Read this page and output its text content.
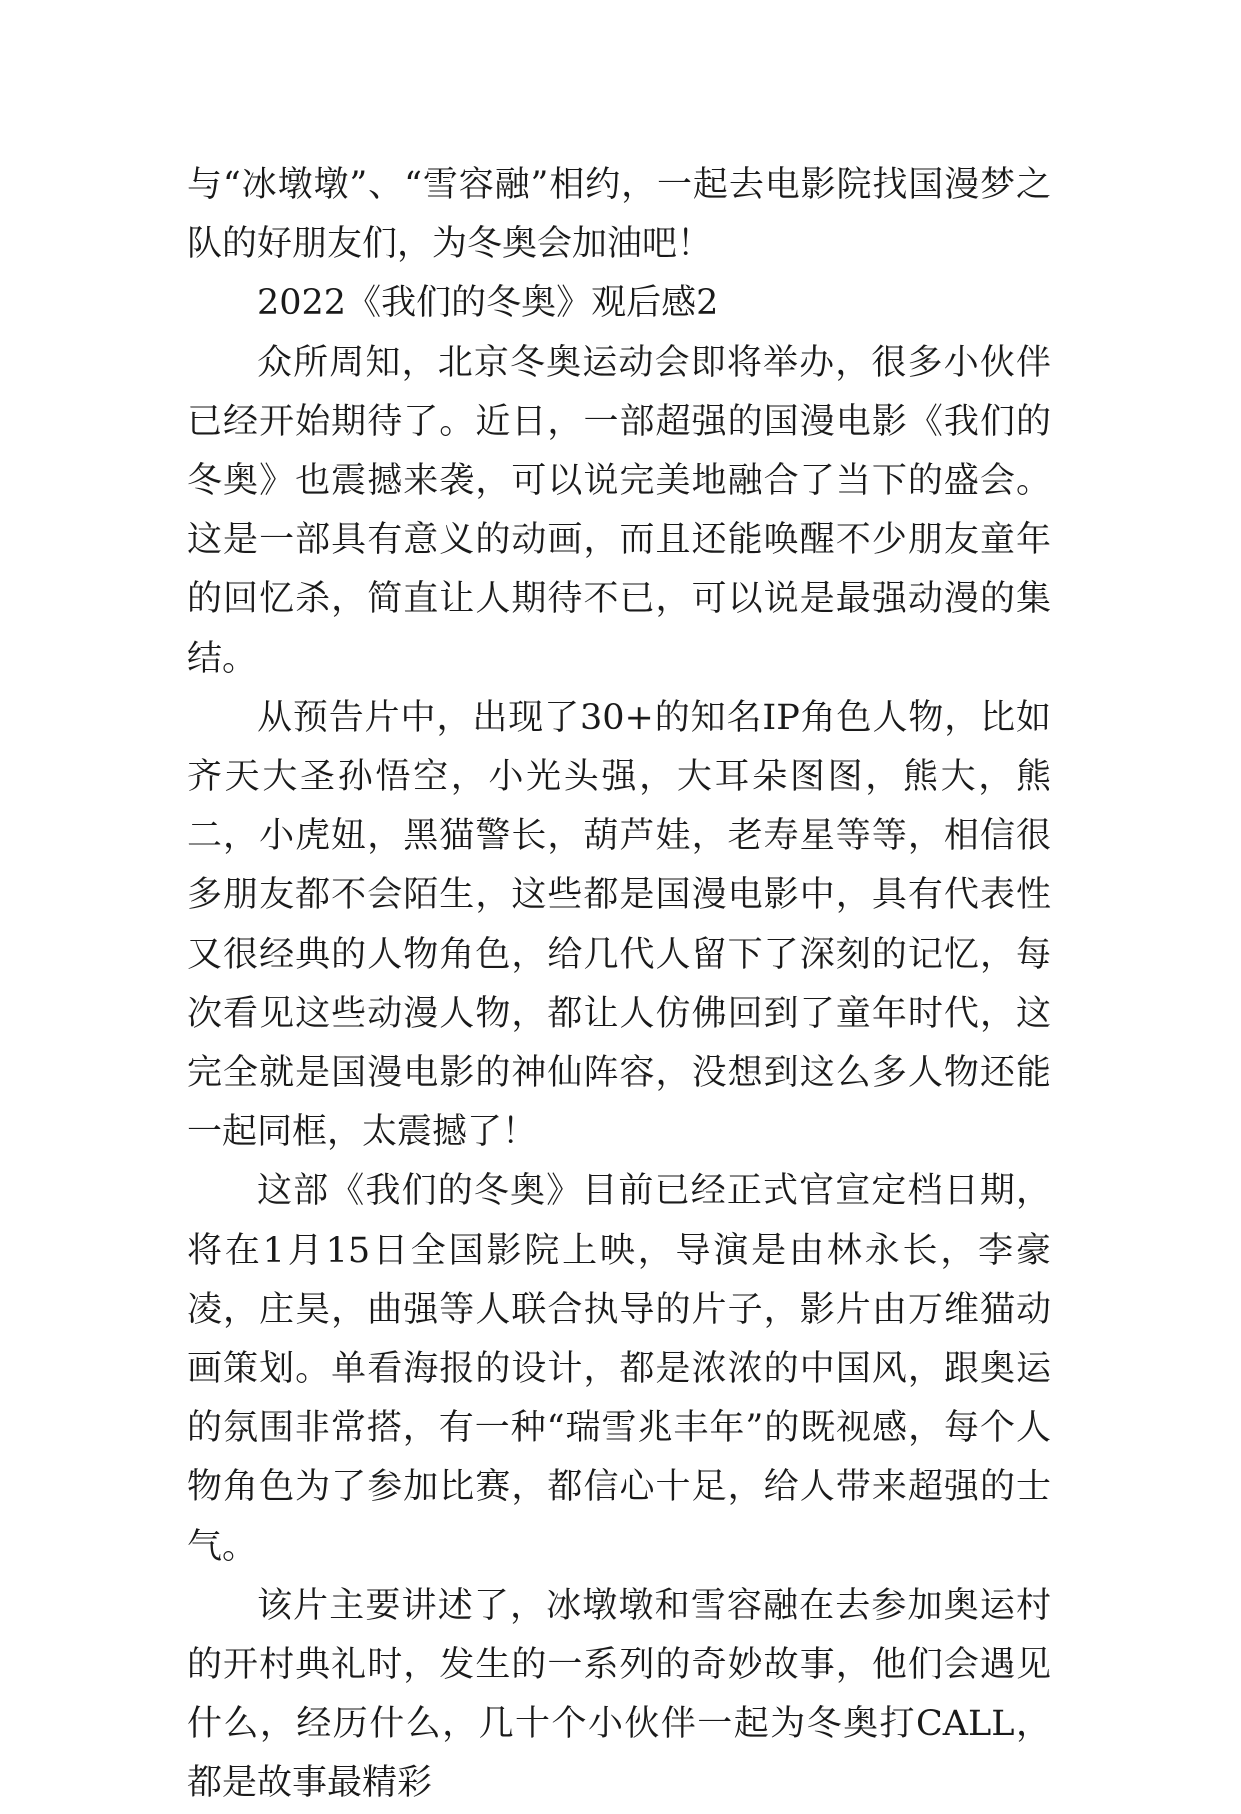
与“冰墩墩”、“雪容融”相约，一起去电影院找国漫梦之队的好朋友们，为冬奥会加油吧！

2022《我们的冬奥》观后感2

众所周知，北京冬奥运动会即将举办，很多小伙伴已经开始期待了。近日，一部超强的国漫电影《我们的冬奥》也震撼来袭，可以说完美地融合了当下的盛会。这是一部具有意义的动画，而且还能唤醒不少朋友童年的回忆杀，简直让人期待不已，可以说是最强动漫的集结。

从预告片中，出现了30+的知名IP角色人物，比如齐天大圣孙悟空，小光头强，大耳朵图图，熊大，熊二，小虎妞，黑猫警长，葫芦娃，老寿星等等，相信很多朋友都不会陌生，这些都是国漫电影中，具有代表性又很经典的人物角色，给几代人留下了深刻的记忆，每次看见这些动漫人物，都让人仿佛回到了童年时代，这完全就是国漫电影的神仙阵容，没想到这么多人物还能一起同框，太震撼了！

这部《我们的冬奥》目前已经正式官宣定档日期，将在1月15日全国影院上映，导演是由林永长，李豪凌，庄昊，曲强等人联合执导的片子，影片由万维猫动画策划。单看海报的设计，都是浓浓的中国风，跟奥运的氛围非常搭，有一种“瑞雪兆丰年”的既视感，每个人物角色为了参加比赛，都信心十足，给人带来超强的士气。

该片主要讲述了，冰墩墩和雪容融在去参加奥运村的开村典礼时，发生的一系列的奇妙故事，他们会遇见什么，经历什么，几十个小伙伴一起为冬奥打CALL，都是故事最精彩
